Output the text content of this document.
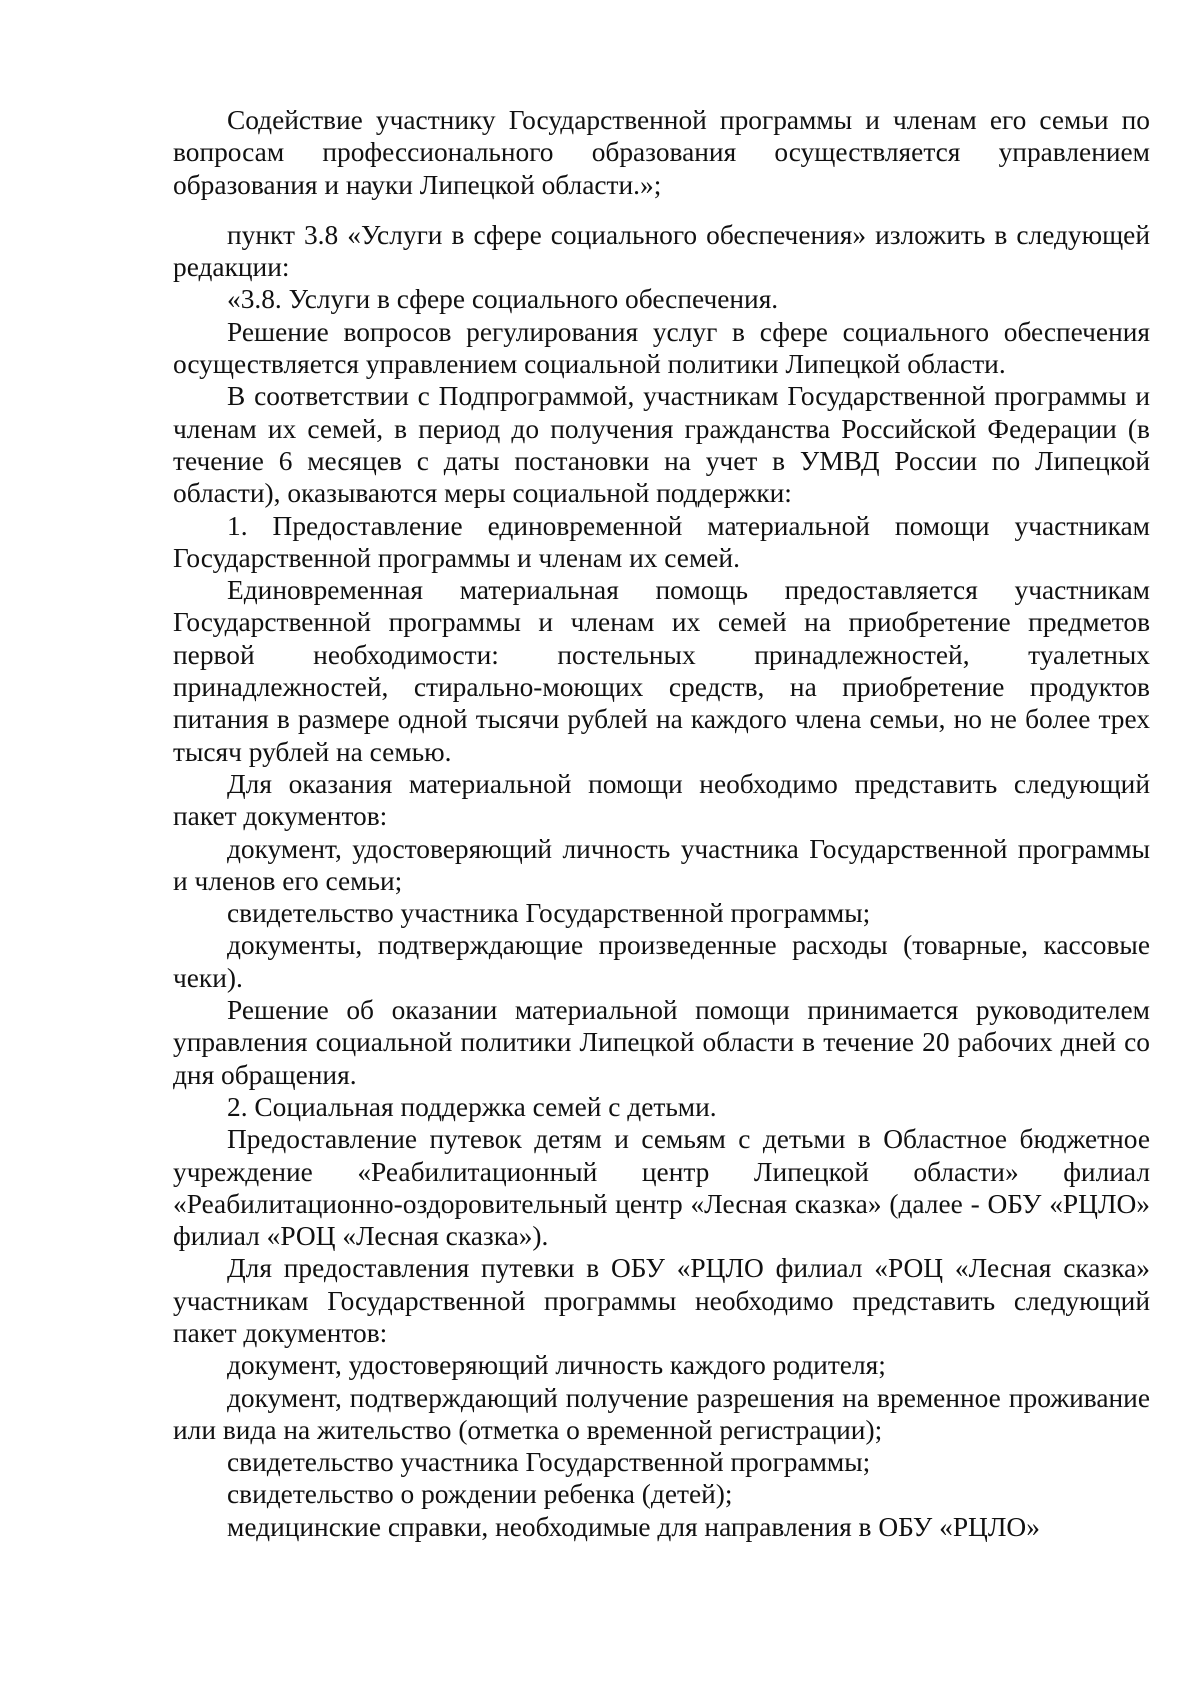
Содействие участнику Государственной программы и членам его семьи по вопросам профессионального образования осуществляется управлением образования и науки Липецкой области.»;

пункт 3.8 «Услуги в сфере социального обеспечения» изложить в следующей редакции:

«3.8. Услуги в сфере социального обеспечения.

Решение вопросов регулирования услуг в сфере социального обеспечения осуществляется управлением социальной политики Липецкой области.

В соответствии с Подпрограммой, участникам Государственной программы и членам их семей, в период до получения гражданства Российской Федерации (в течение 6 месяцев с даты постановки на учет в УМВД России по Липецкой области), оказываются меры социальной поддержки:

1. Предоставление единовременной материальной помощи участникам Государственной программы и членам их семей.

Единовременная материальная помощь предоставляется участникам Государственной программы и членам их семей на приобретение предметов первой необходимости: постельных принадлежностей, туалетных принадлежностей, стирально-моющих средств, на приобретение продуктов питания в размере одной тысячи рублей на каждого члена семьи, но не более трех тысяч рублей на семью.

Для оказания материальной помощи необходимо представить следующий пакет документов:

документ, удостоверяющий личность участника Государственной программы и членов его семьи;

свидетельство участника Государственной программы;

документы, подтверждающие произведенные расходы (товарные, кассовые чеки).

Решение об оказании материальной помощи принимается руководителем управления социальной политики Липецкой области в течение 20 рабочих дней со дня обращения.

2. Социальная поддержка семей с детьми.

Предоставление путевок детям и семьям с детьми в Областное бюджетное учреждение «Реабилитационный центр Липецкой области» филиал «Реабилитационно-оздоровительный центр «Лесная сказка» (далее - ОБУ «РЦЛО» филиал «РОЦ «Лесная сказка»).

Для предоставления путевки в ОБУ «РЦЛО филиал «РОЦ «Лесная сказка» участникам Государственной программы необходимо представить следующий пакет документов:

документ, удостоверяющий личность каждого родителя;

документ, подтверждающий получение разрешения на временное проживание или вида на жительство (отметка о временной регистрации);

свидетельство участника Государственной программы;

свидетельство о рождении ребенка (детей);

медицинские справки, необходимые для направления в ОБУ «РЦЛО»
